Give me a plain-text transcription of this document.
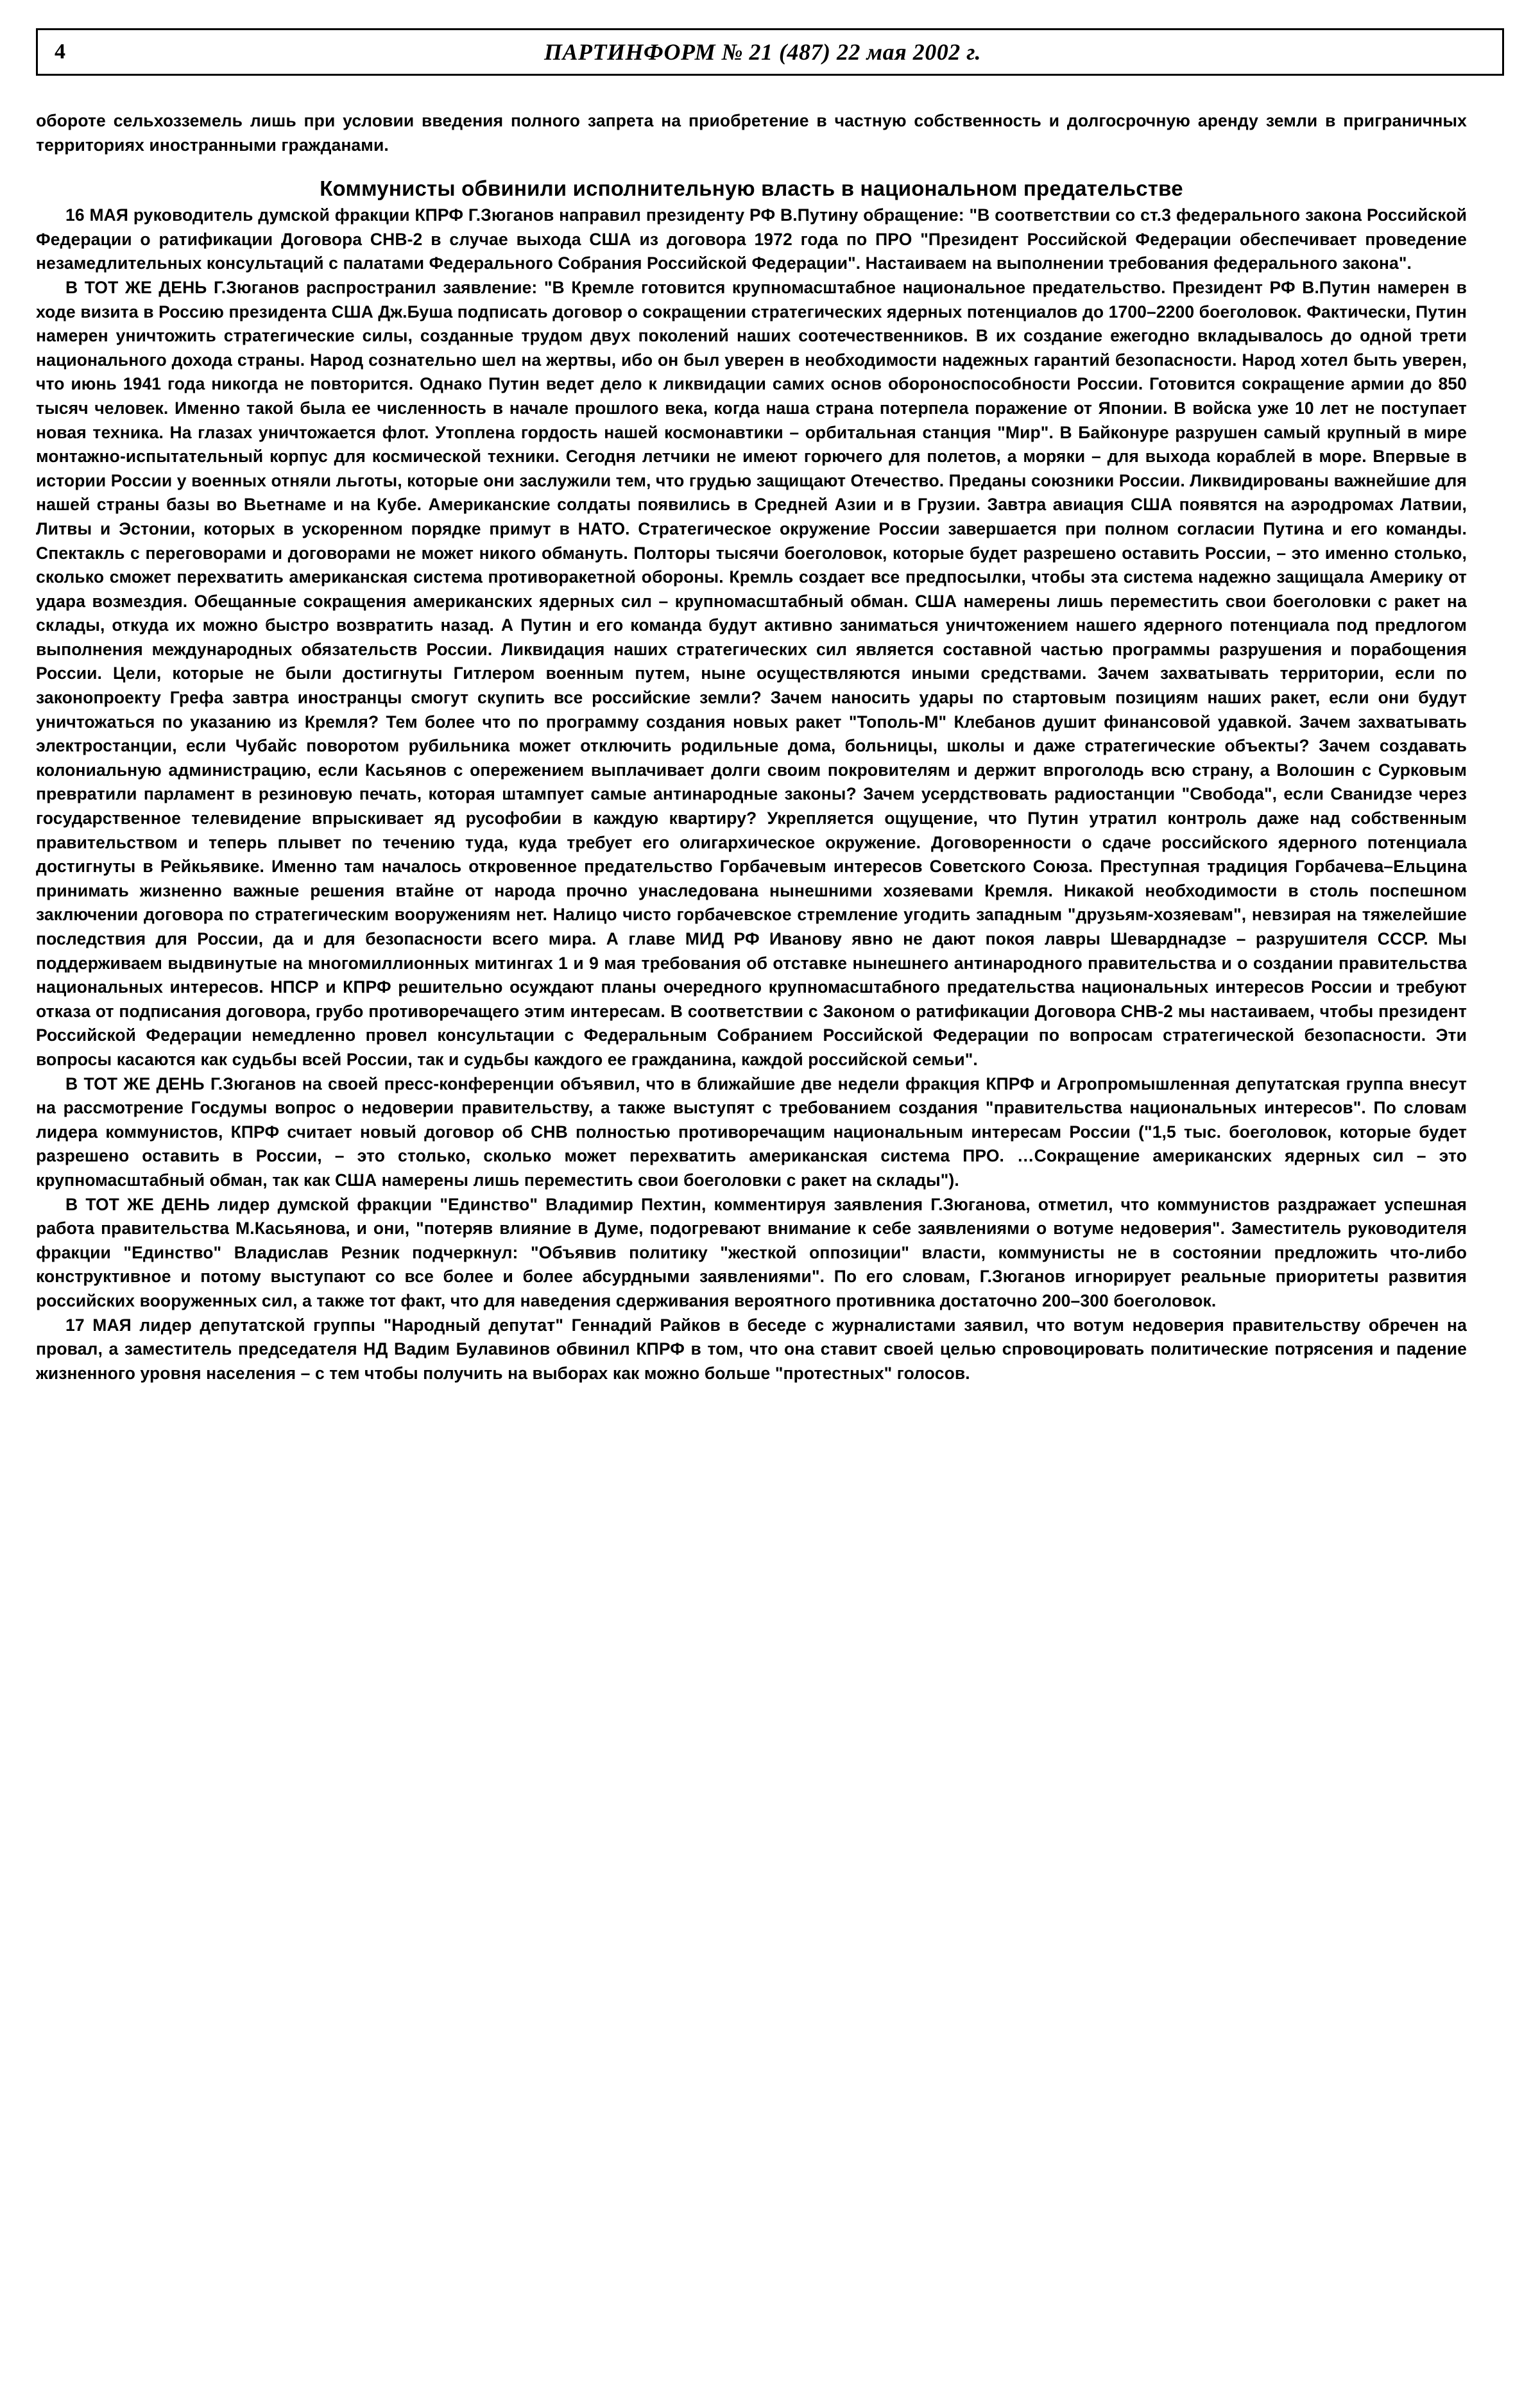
4	ПАРТИНФОРМ № 21 (487) 22 мая 2002 г.

обороте сельхозземель лишь при условии введения полного запрета на приобретение в частную собственность и долгосрочную аренду земли в приграничных территориях иностранными гражданами.

Коммунисты обвинили исполнительную власть в национальном предательстве

16 МАЯ руководитель думской фракции КПРФ Г.Зюганов направил президенту РФ В.Путину обращение: "В соответствии со ст.3 федерального закона Российской Федерации о ратификации Договора СНВ-2 в случае выхода США из договора 1972 года по ПРО "Президент Российской Федерации обеспечивает проведение незамедлительных консультаций с палатами Федерального Собрания Российской Федерации". Настаиваем на выполнении требования федерального закона".

В ТОТ ЖЕ ДЕНЬ Г.Зюганов распространил заявление: "В Кремле готовится крупномасштабное национальное предательство. Президент РФ В.Путин намерен в ходе визита в Россию президента США Дж.Буша подписать договор о сокращении стратегических ядерных потенциалов до 1700–2200 боеголовок. Фактически, Путин намерен уничтожить стратегические силы, созданные трудом двух поколений наших соотечественников. В их создание ежегодно вкладывалось до одной трети национального дохода страны. Народ сознательно шел на жертвы, ибо он был уверен в необходимости надежных гарантий безопасности. Народ хотел быть уверен, что июнь 1941 года никогда не повторится. Однако Путин ведет дело к ликвидации самих основ обороноспособности России. Готовится сокращение армии до 850 тысяч человек. Именно такой была ее численность в начале прошлого века, когда наша страна потерпела поражение от Японии. В войска уже 10 лет не поступает новая техника. На глазах уничтожается флот. Утоплена гордость нашей космонавтики – орбитальная станция "Мир". В Байконуре разрушен самый крупный в мире монтажно-испытательный корпус для космической техники. Сегодня летчики не имеют горючего для полетов, а моряки – для выхода кораблей в море. Впервые в истории России у военных отняли льготы, которые они заслужили тем, что грудью защищают Отечество. Преданы союзники России. Ликвидированы важнейшие для нашей страны базы во Вьетнаме и на Кубе. Американские солдаты появились в Средней Азии и в Грузии. Завтра авиация США появятся на аэродромах Латвии, Литвы и Эстонии, которых в ускоренном порядке примут в НАТО. Стратегическое окружение России завершается при полном согласии Путина и его команды. Спектакль с переговорами и договорами не может никого обмануть. Полторы тысячи боеголовок, которые будет разрешено оставить России, – это именно столько, сколько сможет перехватить американская система противоракетной обороны. Кремль создает все предпосылки, чтобы эта система надежно защищала Америку от удара возмездия. Обещанные сокращения американских ядерных сил – крупномасштабный обман. США намерены лишь переместить свои боеголовки с ракет на склады, откуда их можно быстро возвратить назад. А Путин и его команда будут активно заниматься уничтожением нашего ядерного потенциала под предлогом выполнения международных обязательств России. Ликвидация наших стратегических сил является составной частью программы разрушения и порабощения России. Цели, которые не были достигнуты Гитлером военным путем, ныне осуществляются иными средствами. Зачем захватывать территории, если по законопроекту Грефа завтра иностранцы смогут скупить все российские земли? Зачем наносить удары по стартовым позициям наших ракет, если они будут уничтожаться по указанию из Кремля? Тем более что по программу создания новых ракет "Тополь-М" Клебанов душит финансовой удавкой. Зачем захватывать электростанции, если Чубайс поворотом рубильника может отключить родильные дома, больницы, школы и даже стратегические объекты? Зачем создавать колониальную администрацию, если Касьянов с опережением выплачивает долги своим покровителям и держит впроголодь всю страну, а Волошин с Сурковым превратили парламент в резиновую печать, которая штампует самые антинародные законы? Зачем усердствовать радиостанции "Свобода", если Сванидзе через государственное телевидение впрыскивает яд русофобии в каждую квартиру? Укрепляется ощущение, что Путин утратил контроль даже над собственным правительством и теперь плывет по течению туда, куда требует его олигархическое окружение. Договоренности о сдаче российского ядерного потенциала достигнуты в Рейкьявике. Именно там началось откровенное предательство Горбачевым интересов Советского Союза. Преступная традиция Горбачева–Ельцина принимать жизненно важные решения втайне от народа прочно унаследована нынешними хозяевами Кремля. Никакой необходимости в столь поспешном заключении договора по стратегическим вооружениям нет. Налицо чисто горбачевское стремление угодить западным "друзьям-хозяевам", невзирая на тяжелейшие последствия для России, да и для безопасности всего мира. А главе МИД РФ Иванову явно не дают покоя лавры Шеварднадзе – разрушителя СССР. Мы поддерживаем выдвинутые на многомиллионных митингах 1 и 9 мая требования об отставке нынешнего антинародного правительства и о создании правительства национальных интересов. НПСР и КПРФ решительно осуждают планы очередного крупномасштабного предательства национальных интересов России и требуют отказа от подписания договора, грубо противоречащего этим интересам. В соответствии с Законом о ратификации Договора СНВ-2 мы настаиваем, чтобы президент Российской Федерации немедленно провел консультации с Федеральным Собранием Российской Федерации по вопросам стратегической безопасности. Эти вопросы касаются как судьбы всей России, так и судьбы каждого ее гражданина, каждой российской семьи".

В ТОТ ЖЕ ДЕНЬ Г.Зюганов на своей пресс-конференции объявил, что в ближайшие две недели фракция КПРФ и Агропромышленная депутатская группа внесут на рассмотрение Госдумы вопрос о недоверии правительству, а также выступят с требованием создания "правительства национальных интересов". По словам лидера коммунистов, КПРФ считает новый договор об СНВ полностью противоречащим национальным интересам России ("1,5 тыс. боеголовок, которые будет разрешено оставить в России, – это столько, сколько может перехватить американская система ПРО. …Сокращение американских ядерных сил – это крупномасштабный обман, так как США намерены лишь переместить свои боеголовки с ракет на склады").

В ТОТ ЖЕ ДЕНЬ лидер думской фракции "Единство" Владимир Пехтин, комментируя заявления Г.Зюганова, отметил, что коммунистов раздражает успешная работа правительства М.Касьянова, и они, "потеряв влияние в Думе, подогревают внимание к себе заявлениями о вотуме недоверия". Заместитель руководителя фракции "Единство" Владислав Резник подчеркнул: "Объявив политику "жесткой оппозиции" власти, коммунисты не в состоянии предложить что-либо конструктивное и потому выступают со все более и более абсурдными заявлениями". По его словам, Г.Зюганов игнорирует реальные приоритеты развития российских вооруженных сил, а также тот факт, что для наведения сдерживания вероятного противника достаточно 200–300 боеголовок.

17 МАЯ лидер депутатской группы "Народный депутат" Геннадий Райков в беседе с журналистами заявил, что вотум недоверия правительству обречен на провал, а заместитель председателя НД Вадим Булавинов обвинил КПРФ в том, что она ставит своей целью спровоцировать политические потрясения и падение жизненного уровня населения – с тем чтобы получить на выборах как можно больше "протестных" голосов.
